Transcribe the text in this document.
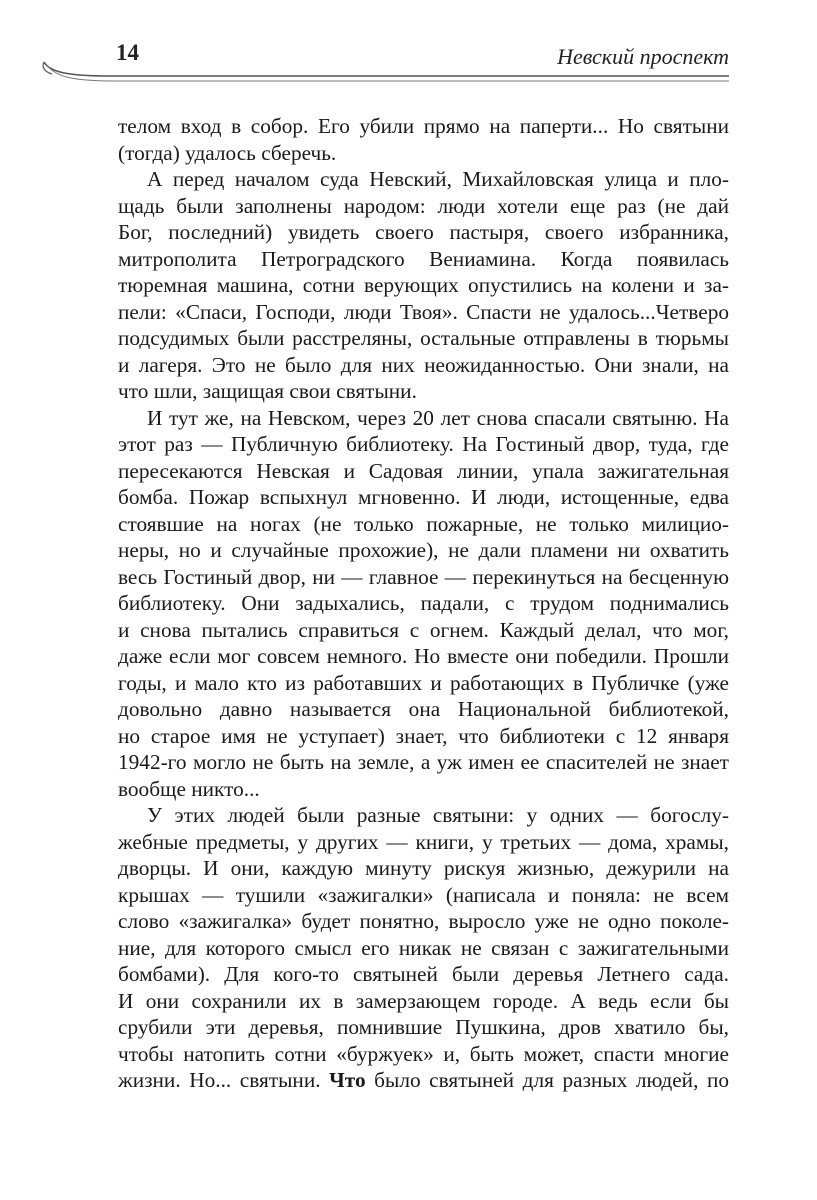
14	Невский проспект
телом вход в собор. Его убили прямо на паперти... Но святыни
(тогда) удалось сберечь.
А перед началом суда Невский, Михайловская улица и пло-
щадь были заполнены народом: люди хотели еще раз (не дай
Бог, последний) увидеть своего пастыря, своего избранника,
митрополита Петроградского Вениамина. Когда появилась
тюремная машина, сотни верующих опустились на колени и за-
пели: «Спаси, Господи, люди Твоя». Спасти не удалось...Четверо
подсудимых были расстреляны, остальные отправлены в тюрьмы
и лагеря. Это не было для них неожиданностью. Они знали, на
что шли, защищая свои святыни.
И тут же, на Невском, через 20 лет снова спасали святыню. На
этот раз — Публичную библиотеку. На Гостиный двор, туда, где
пересекаются Невская и Садовая линии, упала зажигательная
бомба. Пожар вспыхнул мгновенно. И люди, истощенные, едва
стоявшие на ногах (не только пожарные, не только милицио-
неры, но и случайные прохожие), не дали пламени ни охватить
весь Гостиный двор, ни — главное — перекинуться на бесценную
библиотеку. Они задыхались, падали, с трудом поднимались
и снова пытались справиться с огнем. Каждый делал, что мог,
даже если мог совсем немного. Но вместе они победили. Прошли
годы, и мало кто из работавших и работающих в Публичке (уже
довольно давно называется она Национальной библиотекой,
но старое имя не уступает) знает, что библиотеки с 12 января
1942-го могло не быть на земле, а уж имен ее спасителей не знает
вообще никто...
У этих людей были разные святыни: у одних — богослу-
жебные предметы, у других — книги, у третьих — дома, храмы,
дворцы. И они, каждую минуту рискуя жизнью, дежурили на
крышах — тушили «зажигалки» (написала и поняла: не всем
слово «зажигалка» будет понятно, выросло уже не одно поколе-
ние, для которого смысл его никак не связан с зажигательными
бомбами). Для кого-то святыней были деревья Летнего сада.
И они сохранили их в замерзающем городе. А ведь если бы
срубили эти деревья, помнившие Пушкина, дров хватило бы,
чтобы натопить сотни «буржуек» и, быть может, спасти многие
жизни. Но... святыни. Что было святыней для разных людей, по
